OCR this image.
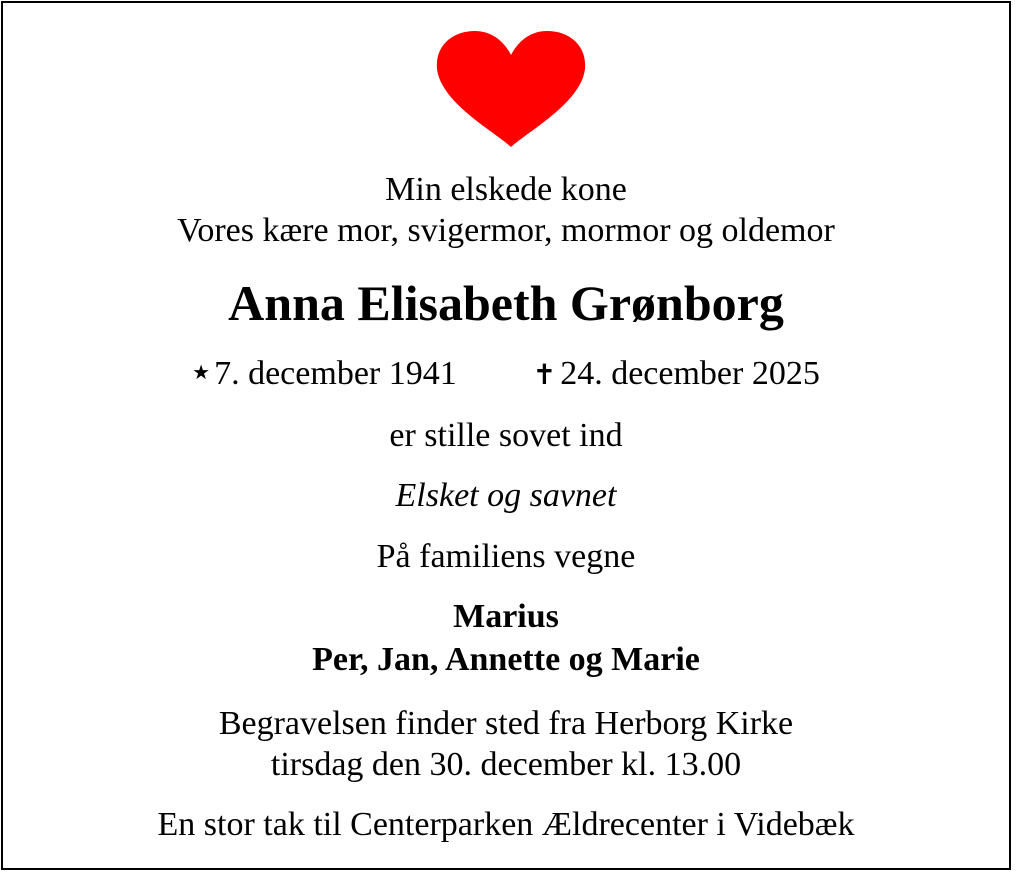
Min elskede kone
Vores kære mor, svigermor, mormor og oldemor
Anna Elisabeth Grønborg
★ 7. december 1941	✝ 24. december 2025
er stille sovet ind
Elsket og savnet
På familiens vegne
Marius
Per, Jan, Annette og Marie
Begravelsen finder sted fra Herborg Kirke
tirsdag den 30. december kl. 13.00
En stor tak til Centerparken Ældrecenter i Videbæk
